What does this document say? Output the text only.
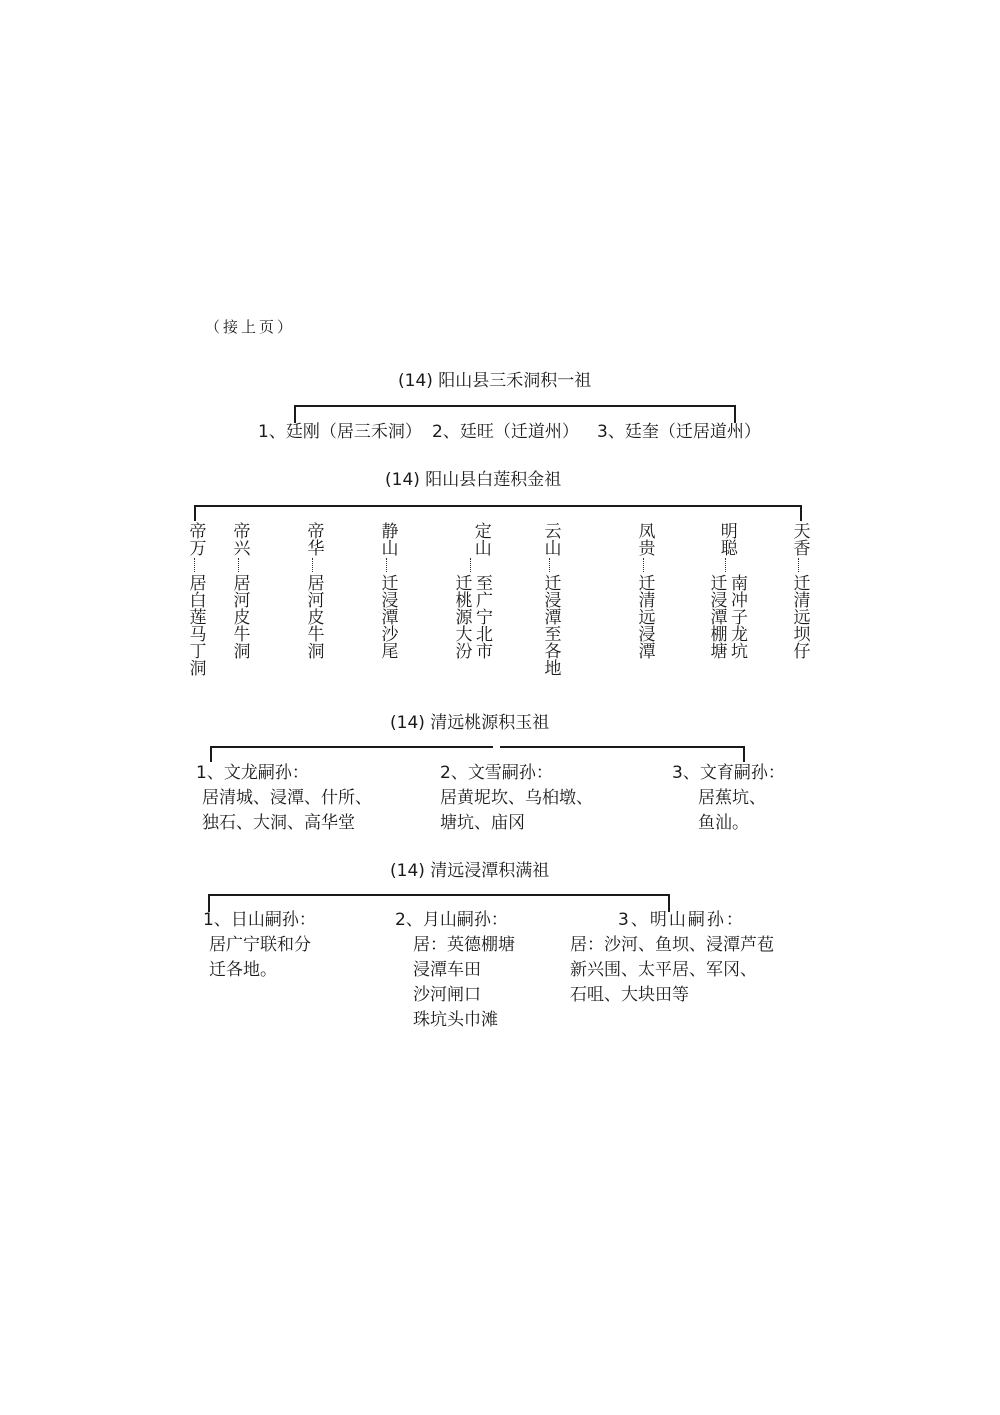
（接上页）
(14) 阳山县三禾洞积一祖
1、廷刚（居三禾洞） 2、廷旺（迁道州） 3、廷奎（迁居道州）
(14) 阳山县白莲积金祖
帝万
居白莲马丁洞
帝兴
居河皮牛洞
帝华
居河皮牛洞
静山
迁浸潭沙尾
定山
迁桃源大汾 至广宁北市
云山
迁浸潭至各地
凤贵
迁清远浸潭
明聪
南冲子龙坑
迁浸潭棚塘
天香
迁清远坝仔
(14) 清远桃源积玉祖
1、文龙嗣孙：
居清城、浸潭、什所、
独石、大洞、高华堂
2、文雪嗣孙：
居黄坭坎、乌桕墩、
塘坑、庙冈
3、文育嗣孙：
居蕉坑、
鱼汕。
(14) 清远浸潭积满祖
1、日山嗣孙：
居广宁联和分
迁各地。
2、月山嗣孙：
居：英德棚塘
浸潭车田
沙河闸口
珠坑头巾滩
3、明山嗣孙：
居：沙河、鱼坝、浸潭芦苞
新兴围、太平居、军冈、
石咀、大块田等
